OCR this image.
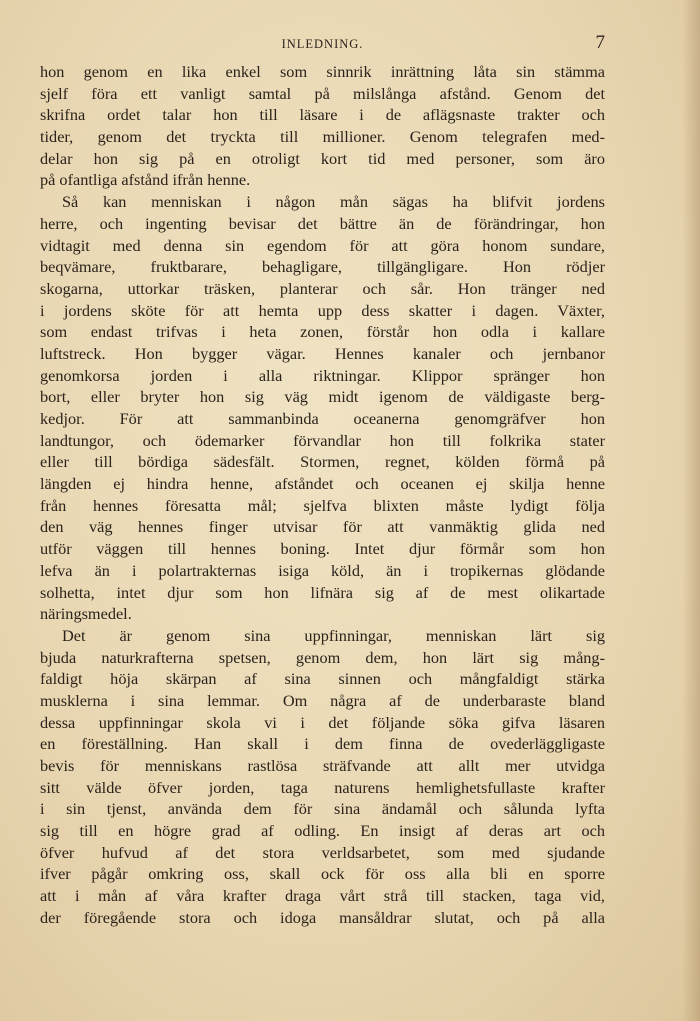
INLEDNING.	7
hon genom en lika enkel som sinnrik inrättning låta sin stämma
sjelf föra ett vanligt samtal på milslånga afstånd. Genom det
skrifna ordet talar hon till läsare i de aflägsnaste trakter och
tider, genom det tryckta till millioner. Genom telegrafen med-
delar hon sig på en otroligt kort tid med personer, som äro
på ofantliga afstånd ifrån henne.
Så kan menniskan i någon mån sägas ha blifvit jordens
herre, och ingenting bevisar det bättre än de förändringar, hon
vidtagit med denna sin egendom för att göra honom sundare,
beqvämare, fruktbarare, behagligare, tillgängligare. Hon rödjer
skogarna, uttorkar träsken, planterar och sår. Hon tränger ned
i jordens sköte för att hemta upp dess skatter i dagen. Växter,
som endast trifvas i heta zonen, förstår hon odla i kallare
luftstreck. Hon bygger vägar. Hennes kanaler och jernbanor
genomkorsa jorden i alla riktningar. Klippor spränger hon
bort, eller bryter hon sig väg midt igenom de väldigaste berg-
kedjor. För att sammanbinda oceanerna genomgräfver hon
landtungor, och ödemarker förvandlar hon till folkrika stater
eller till bördiga sädesfält. Stormen, regnet, kölden förmå på
längden ej hindra henne, afståndet och oceanen ej skilja henne
från hennes föresatta mål; sjelfva blixten måste lydigt följa
den väg hennes finger utvisar för att vanmäktig glida ned
utför väggen till hennes boning. Intet djur förmår som hon
lefva än i polartrakternas isiga köld, än i tropikernas glödande
solhetta, intet djur som hon lifnära sig af de mest olikartade
näringsmedel.
Det är genom sina uppfinningar, menniskan lärt sig
bjuda naturkrafterna spetsen, genom dem, hon lärt sig mång-
faldigt höja skärpan af sina sinnen och mångfaldigt stärka
musklerna i sina lemmar. Om några af de underbaraste bland
dessa uppfinningar skola vi i det följande söka gifva läsaren
en föreställning. Han skall i dem finna de ovederläggligaste
bevis för menniskans rastlösa sträfvande att allt mer utvidga
sitt välde öfver jorden, taga naturens hemlighetsfullaste krafter
i sin tjenst, använda dem för sina ändamål och sålunda lyfta
sig till en högre grad af odling. En insigt af deras art och
öfver hufvud af det stora verldsarbetet, som med sjudande
ifver pågår omkring oss, skall ock för oss alla bli en sporre
att i mån af våra krafter draga vårt strå till stacken, taga vid,
der föregående stora och idoga mansåldrar slutat, och på alla
